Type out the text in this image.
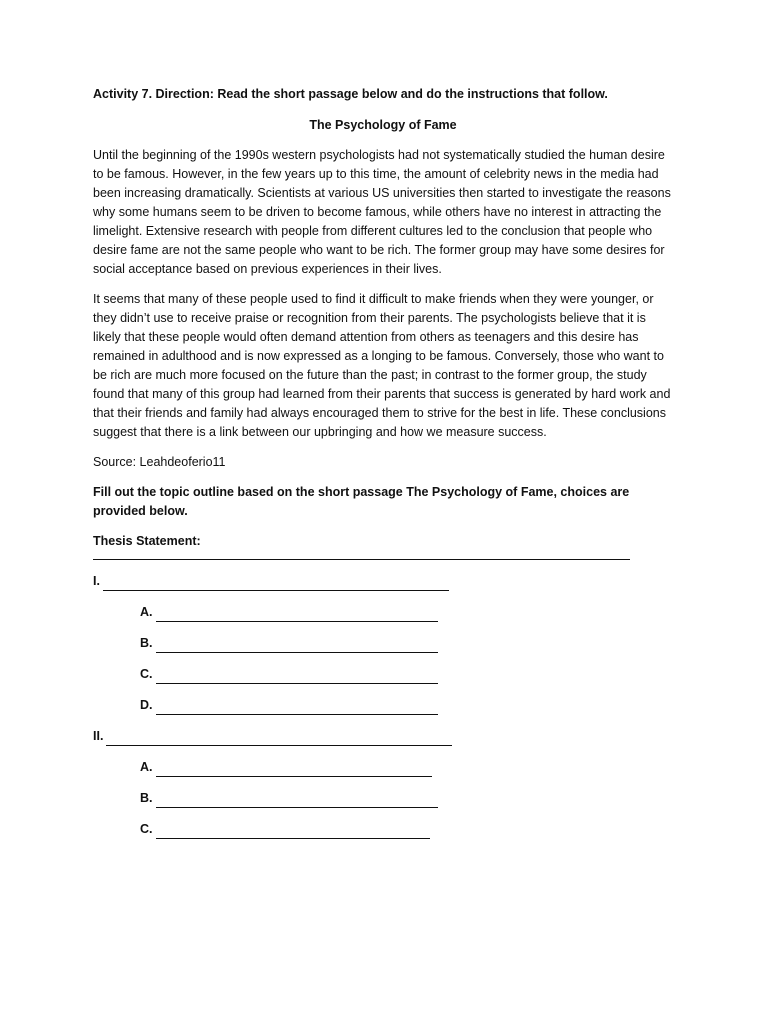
Activity 7. Direction: Read the short passage below and do the instructions that follow.

The Psychology of Fame

Until the beginning of the 1990s western psychologists had not systematically studied the human desire to be famous. However, in the few years up to this time, the amount of celebrity news in the media had been increasing dramatically. Scientists at various US universities then started to investigate the reasons why some humans seem to be driven to become famous, while others have no interest in attracting the limelight. Extensive research with people from different cultures led to the conclusion that people who desire fame are not the same people who want to be rich. The former group may have some desires for social acceptance based on previous experiences in their lives.

It seems that many of these people used to find it difficult to make friends when they were younger, or they didn’t use to receive praise or recognition from their parents. The psychologists believe that it is likely that these people would often demand attention from others as teenagers and this desire has remained in adulthood and is now expressed as a longing to be famous. Conversely, those who want to be rich are much more focused on the future than the past; in contrast to the former group, the study found that many of this group had learned from their parents that success is generated by hard work and that their friends and family had always encouraged them to strive for the best in life. These conclusions suggest that there is a link between our upbringing and how we measure success.

Source: Leahdeoferio11

Fill out the topic outline based on the short passage The Psychology of Fame, choices are provided below.

Thesis Statement:

I.
A.
B.
C.
D.
II.
A.
B.
C.
